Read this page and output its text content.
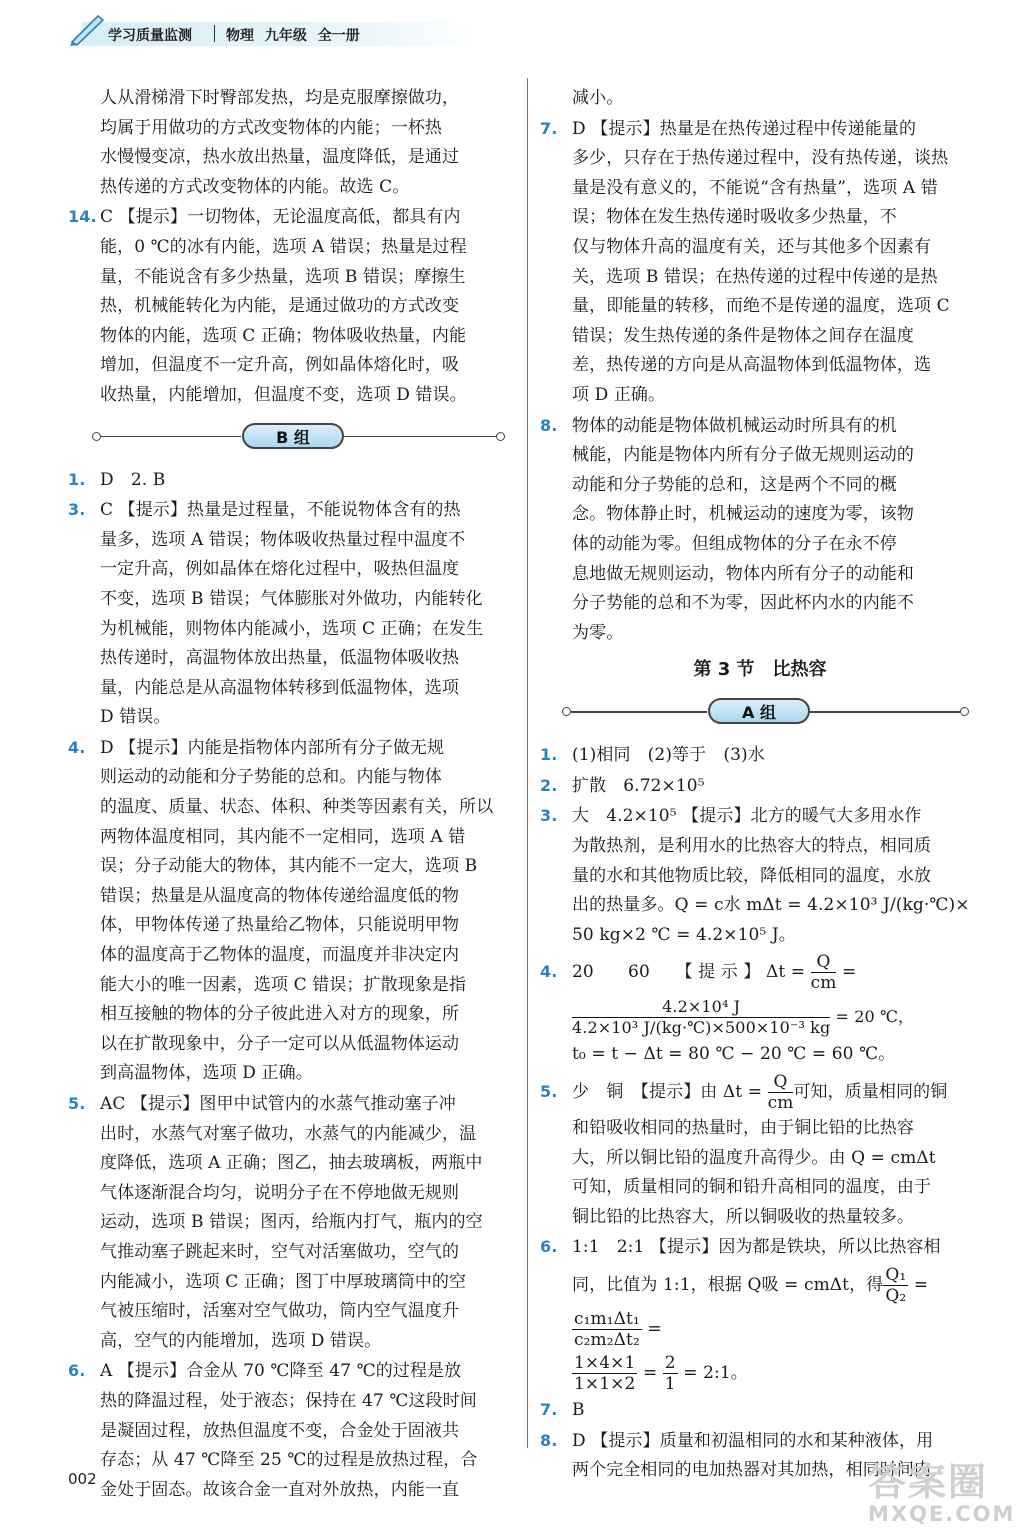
学习质量监测 物理 九年级 全一册

人从滑梯滑下时臀部发热，均是克服摩擦做功，

均属于用做功的方式改变物体的内能；一杯热

水慢慢变凉，热水放出热量，温度降低，是通过

热传递的方式改变物体的内能。故选 C。

14. C 【提示】一切物体，无论温度高低，都具有内

能，0 ℃的冰有内能，选项 A 错误；热量是过程

量，不能说含有多少热量，选项 B 错误；摩擦生

热，机械能转化为内能，是通过做功的方式改变

物体的内能，选项 C 正确；物体吸收热量，内能

增加，但温度不一定升高，例如晶体熔化时，吸

收热量，内能增加，但温度不变，选项 D 错误。

B 组

1. D　2. B

3. C 【提示】热量是过程量，不能说物体含有的热

量多，选项 A 错误；物体吸收热量过程中温度不

一定升高，例如晶体在熔化过程中，吸热但温度

不变，选项 B 错误；气体膨胀对外做功，内能转化

为机械能，则物体内能减小，选项 C 正确；在发生

热传递时，高温物体放出热量，低温物体吸收热

量，内能总是从高温物体转移到低温物体，选项

D 错误。

4. D 【提示】内能是指物体内部所有分子做无规

则运动的动能和分子势能的总和。内能与物体

的温度、质量、状态、体积、种类等因素有关，所以

两物体温度相同，其内能不一定相同，选项 A 错

误；分子动能大的物体，其内能不一定大，选项 B

错误；热量是从温度高的物体传递给温度低的物

体，甲物体传递了热量给乙物体，只能说明甲物

体的温度高于乙物体的温度，而温度并非决定内

能大小的唯一因素，选项 C 错误；扩散现象是指

相互接触的物体的分子彼此进入对方的现象，所

以在扩散现象中，分子一定可以从低温物体运动

到高温物体，选项 D 正确。

5. AC 【提示】图甲中试管内的水蒸气推动塞子冲

出时，水蒸气对塞子做功，水蒸气的内能减少，温

度降低，选项 A 正确；图乙，抽去玻璃板，两瓶中

气体逐渐混合均匀，说明分子在不停地做无规则

运动，选项 B 错误；图丙，给瓶内打气，瓶内的空

气推动塞子跳起来时，空气对活塞做功，空气的

内能减小，选项 C 正确；图丁中厚玻璃筒中的空

气被压缩时，活塞对空气做功，筒内空气温度升

高，空气的内能增加，选项 D 错误。

6. A 【提示】合金从 70 ℃降至 47 ℃的过程是放

热的降温过程，处于液态；保持在 47 ℃这段时间

是凝固过程，放热但温度不变，合金处于固液共

存态；从 47 ℃降至 25 ℃的过程是放热过程，合

金处于固态。故该合金一直对外放热，内能一直

减小。

7. D 【提示】热量是在热传递过程中传递能量的

多少，只存在于热传递过程中，没有热传递，谈热

量是没有意义的，不能说“含有热量”，选项 A 错

误；物体在发生热传递时吸收多少热量，不

仅与物体升高的温度有关，还与其他多个因素有

关，选项 B 错误；在热传递的过程中传递的是热

量，即能量的转移，而绝不是传递的温度，选项 C

错误；发生热传递的条件是物体之间存在温度

差，热传递的方向是从高温物体到低温物体，选

项 D 正确。

8. 物体的动能是物体做机械运动时所具有的机

械能，内能是物体内所有分子做无规则运动的

动能和分子势能的总和，这是两个不同的概

念。物体静止时，机械运动的速度为零，该物

体的动能为零。但组成物体的分子在永不停

息地做无规则运动，物体内所有分子的动能和

分子势能的总和不为零，因此杯内水的内能不

为零。

第 3 节　比热容
A 组

1. (1)相同　(2)等于　(3)水

2. 扩散　6.72×10⁵

3. 大　4.2×10⁵ 【提示】北方的暖气大多用水作

为散热剂，是利用水的比热容大的特点，相同质

量的水和其他物质比较，降低相同的温度，水放

出的热量多。Q = c水 mΔt = 4.2×10³ J/(kg·℃)×

50 kg×2 ℃ = 4.2×10⁵ J。

4. 20　　60　　【 提 示 】 $\Delta t = \frac{Q}{cm}$ =

$\frac{\text{4.2×10⁴ J}}{\text{4.2×10³ J/(kg·℃)×500×10⁻³ kg}} = 20$ ℃，

t₀ = t − Δt = 80 ℃ − 20 ℃ = 60 ℃。

5. 少　铜　【提示】由 $\Delta t = \frac{Q}{cm}$ 可知，质量相同的铜

和铅吸收相同的热量时，由于铜比铅的比热容

大，所以铜比铅的温度升高得少。由 Q = cmΔt

可知，质量相同的铜和铅升高相同的温度，由于

铜比铅的比热容大，所以铜吸收的热量较多。

6. 1:1　2:1 【提示】因为都是铁块，所以比热容相

同，比值为 1:1，根据 Q吸 = cmΔt，得 $\frac{\text{Q₁}}{\text{Q₂}}$ =
$\frac{\text{c₁m₁Δt₁}}{\text{c₂m₂Δt₂}}$ =

$\frac{1\times 4\times 1}{1\times 1\times 2} = \frac{2}{1}$ = 2:1。

7. B

8. D 【提示】质量和初温相同的水和某种液体，用

两个完全相同的电加热器对其加热，相同时间内

002	答案圈
MXQE.COM
